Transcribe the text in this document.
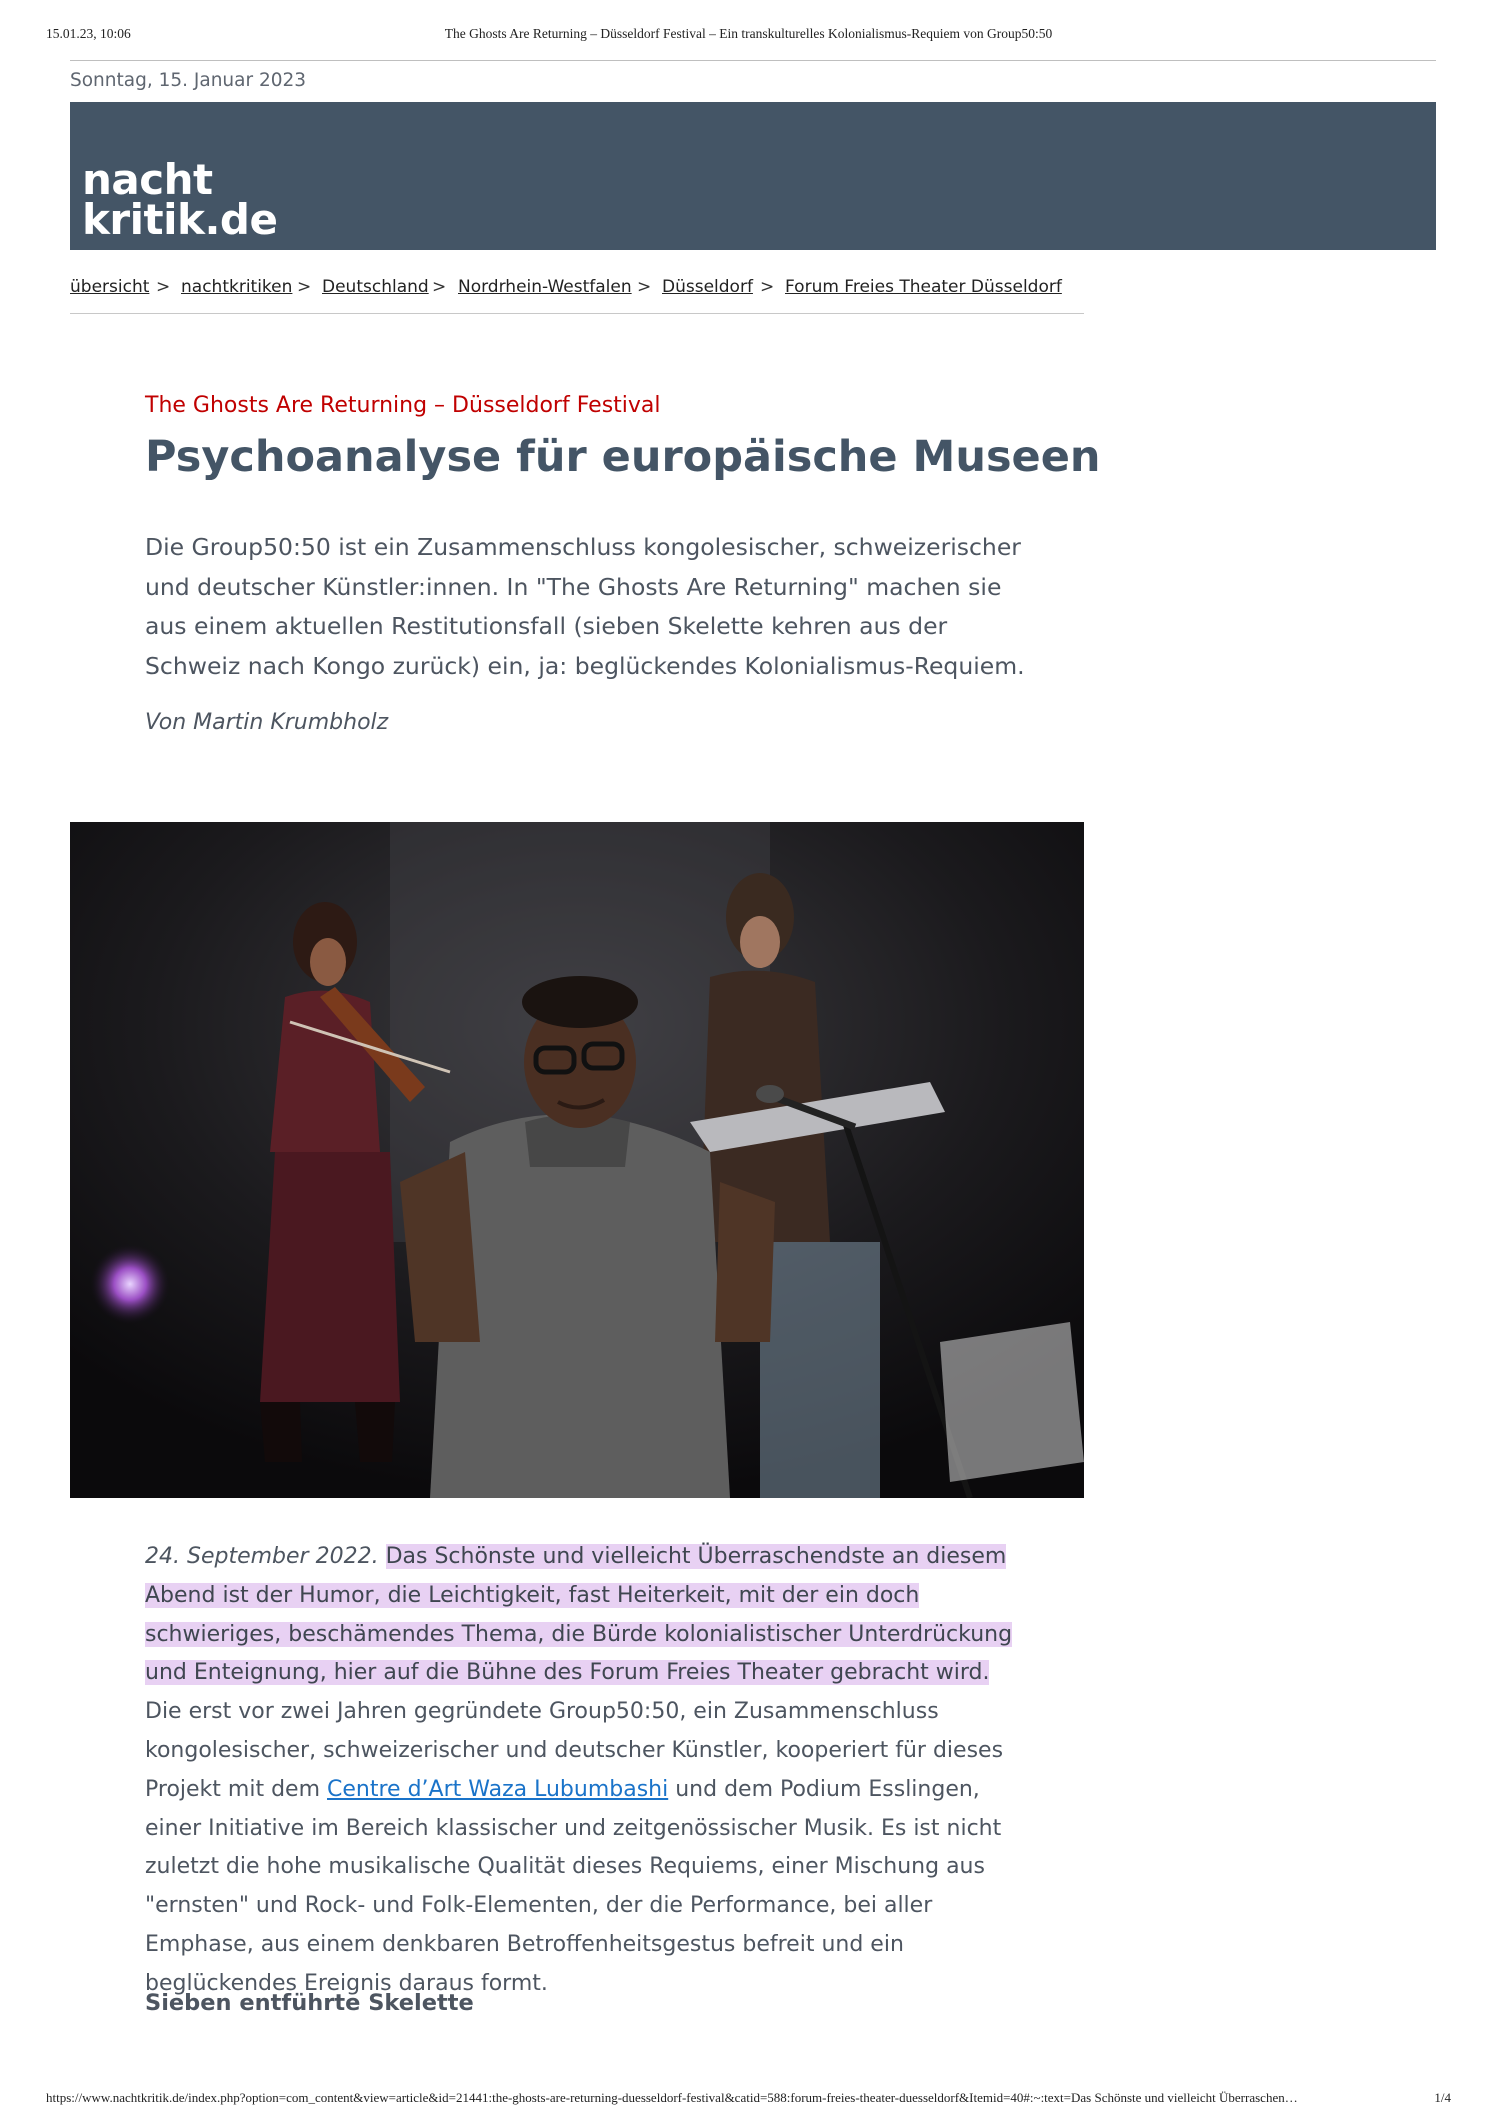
15.01.23, 10:06	The Ghosts Are Returning – Düsseldorf Festival – Ein transkulturelles Kolonialismus-Requiem von Group50:50
Sonntag, 15. Januar 2023
nacht
kritik.de
übersicht > nachtkritiken > Deutschland > Nordrhein-Westfalen > Düsseldorf > Forum Freies Theater Düsseldorf
The Ghosts Are Returning – Düsseldorf Festival
Psychoanalyse für europäische Museen

Die Group50:50 ist ein Zusammenschluss kongolesischer, schweizerischer und deutscher Künstler:innen. In "The Ghosts Are Returning" machen sie aus einem aktuellen Restitutionsfall (sieben Skelette kehren aus der Schweiz nach Kongo zurück) ein, ja: beglückendes Kolonialismus-Requiem.

Von Martin Krumbholz

24. September 2022. Das Schönste und vielleicht Überraschendste an diesem Abend ist der Humor, die Leichtigkeit, fast Heiterkeit, mit der ein doch schwieriges, beschämendes Thema, die Bürde kolonialistischer Unterdrückung und Enteignung, hier auf die Bühne des Forum Freies Theater gebracht wird. Die erst vor zwei Jahren gegründete Group50:50, ein Zusammenschluss kongolesischer, schweizerischer und deutscher Künstler, kooperiert für dieses Projekt mit dem Centre d’Art Waza Lubumbashi und dem Podium Esslingen, einer Initiative im Bereich klassischer und zeitgenössischer Musik. Es ist nicht zuletzt die hohe musikalische Qualität dieses Requiems, einer Mischung aus "ernsten" und Rock- und Folk-Elementen, der die Performance, bei aller Emphase, aus einem denkbaren Betroffenheitsgestus befreit und ein beglückendes Ereignis daraus formt.

Sieben entführte Skelette
https://www.nachtkritik.de/index.php?option=com_content&view=article&id=21441:the-ghosts-are-returning-duesseldorf-festival&catid=588:forum-freies-theater-duesseldorf&Itemid=40#:~:text=Das Schönste und vielleicht Überraschen…	1/4
